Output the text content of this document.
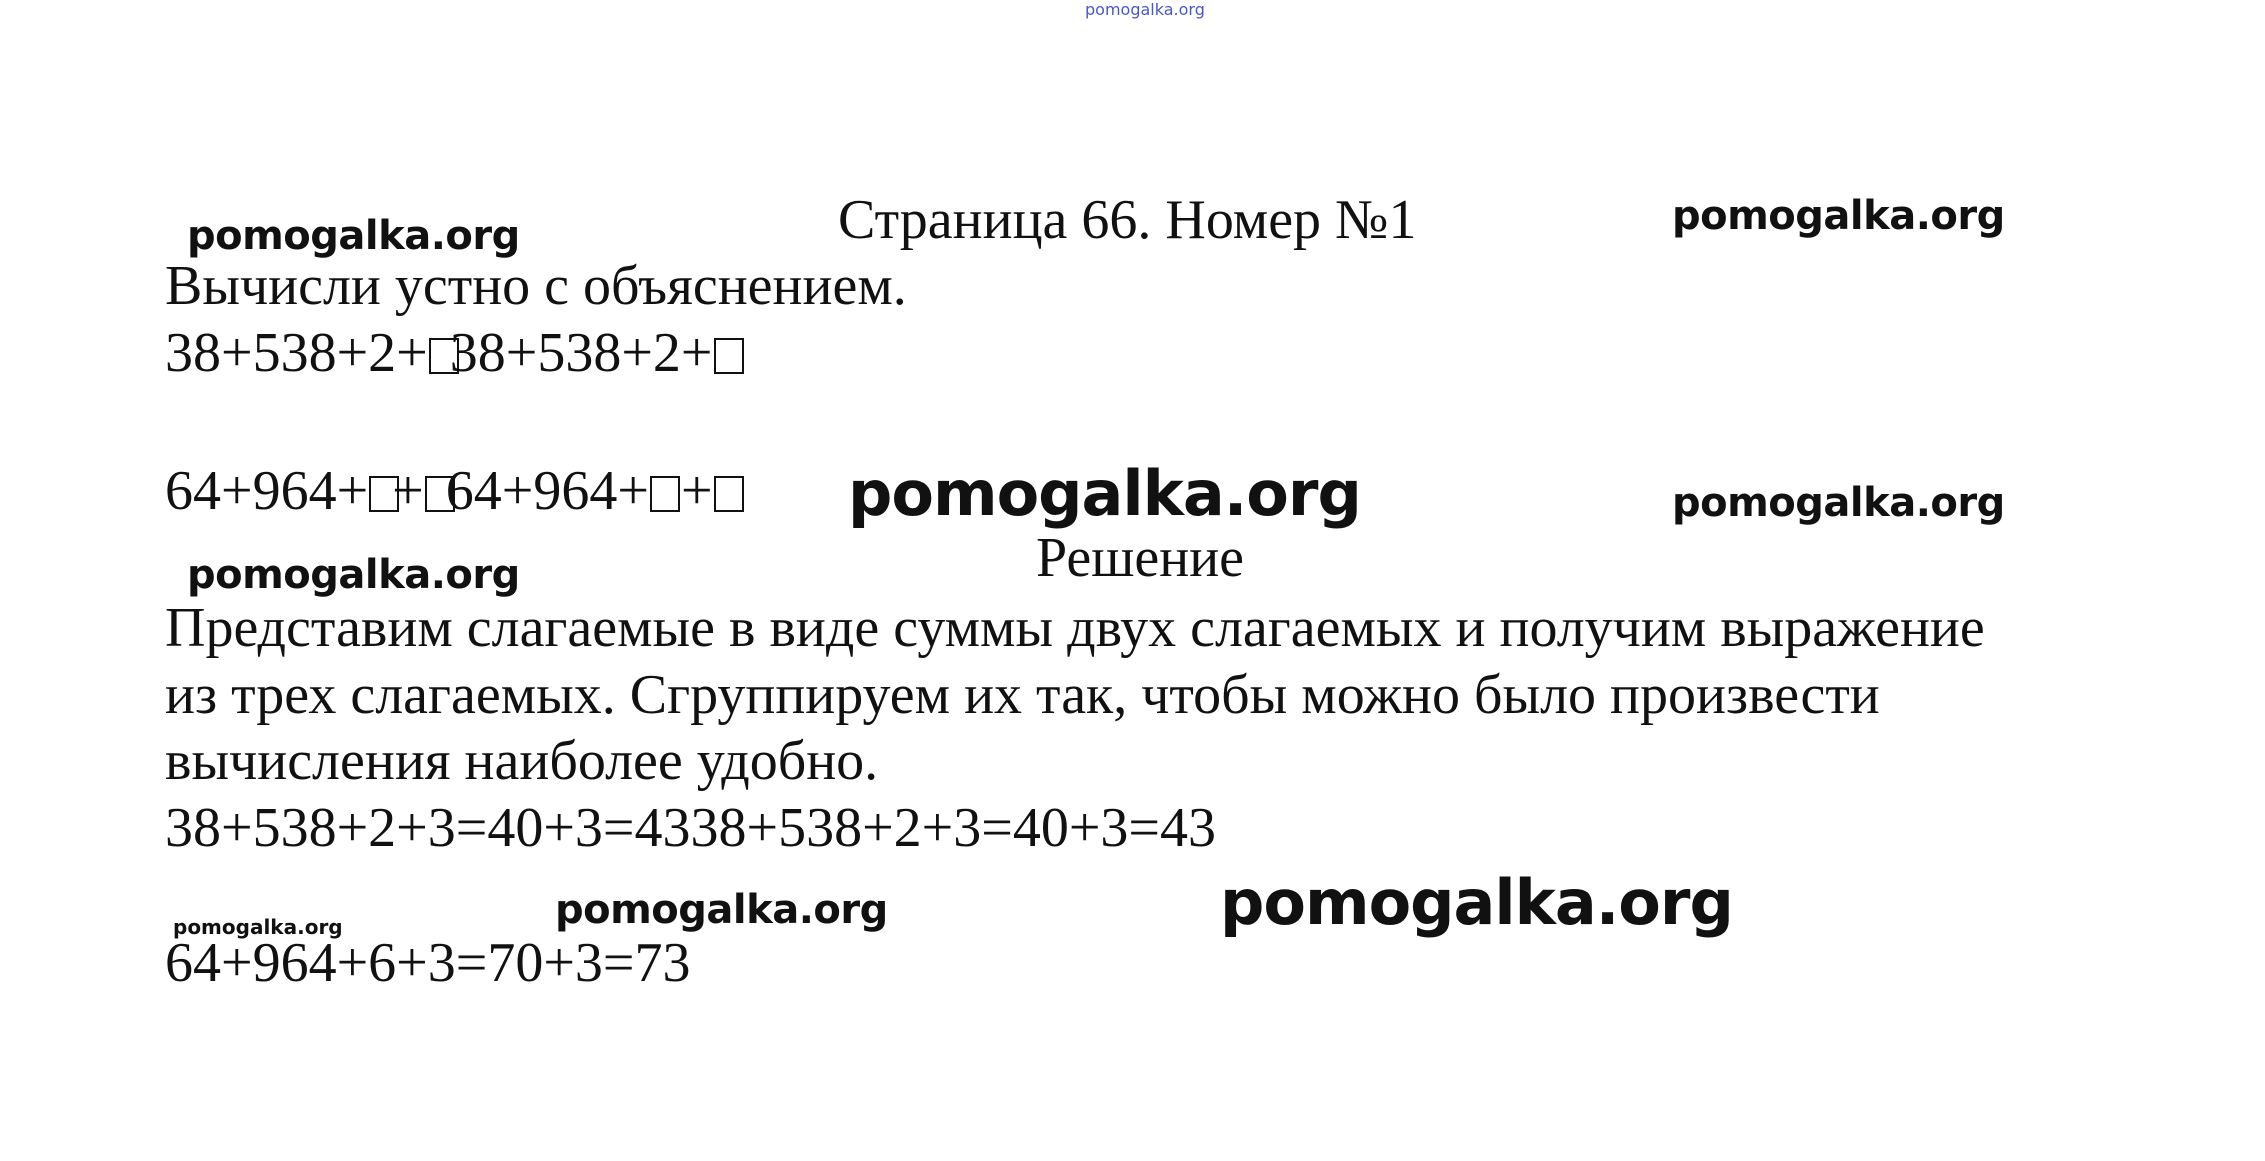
pomogalka.org
pomogalka.org	Страница 66. Номер №1	pomogalka.org
Вычисли устно с объяснением.
38+538+2+ 38+538+2+
64+964+ + 64+964+ +	pomogalka.org	pomogalka.org
Решение
pomogalka.org
Представим слагаемые в виде суммы двух слагаемых и получим выражение
из трех слагаемых. Сгруппируем их так, чтобы можно было произвести
вычисления наиболее удобно.
38+538+2+3=40+3=4338+538+2+3=40+3=43
pomogalka.org	pomogalka.org	pomogalka.org
64+964+6+3=70+3=73
